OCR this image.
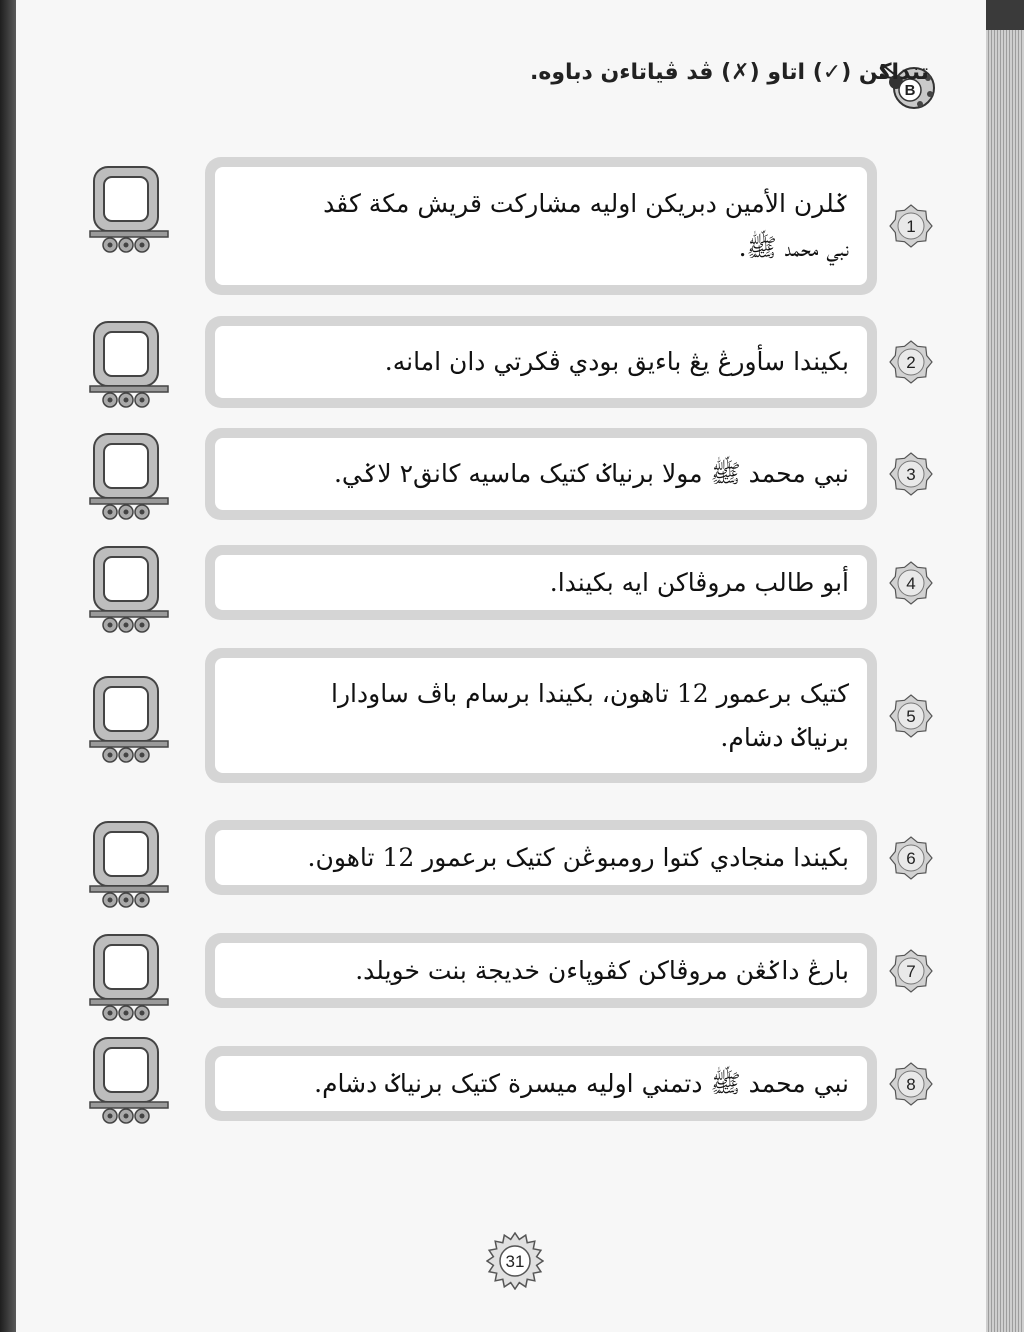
B
تنداكن (✓) اتاو (✗) ڤد ڤياتاءن دباوه.
ݢلرن الأمين دبريكن اوليه مشاركت قريش مكة كڤد
نبي محمد ﷺ.
1
بكيندا سأورڠ يڠ باءيق بودي ڤكرتي دان امانه.	2
نبي محمد ﷺ مولا برنياݢ كتيک ماسيه كانق٢ لاݢي.	3
أبو طالب مروڤاكن ايه بكيندا.	4
كتيک برعمور 12 تاهون، بكيندا برسام باڤ ساودارا
برنياݢ دشام.
5
بكيندا منجادي كتوا رومبوڠن كتيک برعمور 12 تاهون.	6
بارڠ داݢڠن مروڤاكن كڤوڽاءن خديجة بنت خويلد.	7
نبي محمد ﷺ دتمني اوليه ميسرة كتيک برنياݢ دشام.	8
31
